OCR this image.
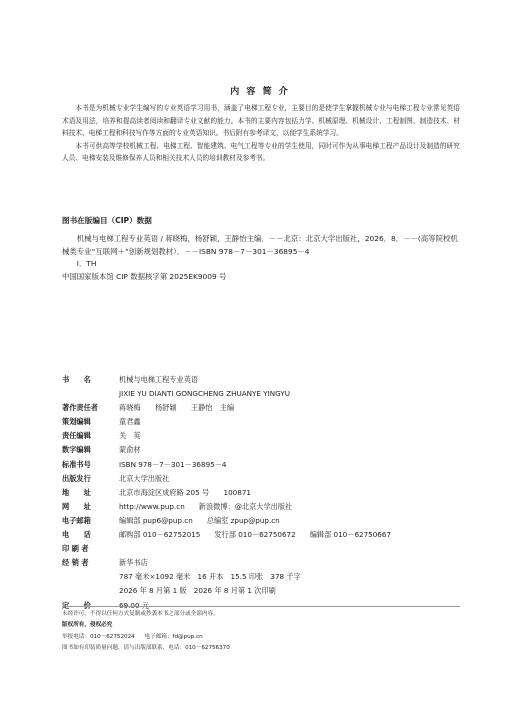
内 容 简 介

本书是为机械专业学生编写的专业英语学习用书，涵盖了电梯工程专业，主要目的是使学生掌握机械专业与电梯工程专业常见英语术语及用法，培养和提高读者阅读和翻译专业文献的能力。本书的主要内容包括力学、机械原理、机械设计、工程制图、制造技术、材料技术、电梯工程和科技写作等方面的专业英语知识。书后附有参考译文，以便学生系统学习。

本书可供高等学校机械工程、电梯工程、智能建筑、电气工程等专业的学生使用，同时可作为从事电梯工程产品设计及制造的研究人员、电梯安装及维修保养人员和相关技术人员的培训教材及参考书。

图书在版编目（CIP）数据

机械与电梯工程专业英语 / 蒋晓梅，杨舒颖，王静怡主编．－－北京：北京大学出版社，2026．8．－－(高等院校机械类专业“互联网＋”创新规划教材）．－－ISBN 978－7－301－36895－4

Ⅰ．TH

中国国家版本馆 CIP 数据核字第 2025EK9009 号

书　　名	机械与电梯工程专业英语
JIXIE YU DIANTI GONGCHENG ZHUANYE YINGYU
著作责任者	蒋晓梅　　杨舒颖　　王静怡　主编
策划编辑	童君鑫
责任编辑	关　英
数字编辑	蒙俞材
标准书号	ISBN 978－7－301－36895－4
出版发行	北京大学出版社
地　　址	北京市海淀区成府路 205 号　　100871
网　　址	http://www.pup.cn 新浪微博：@北京大学出版社
电子邮箱	编辑部 pup6@pup.cn 总编室 zpup@pup.cn
电　　话	邮购部 010－62752015 发行部 010－62750672 编辑部 010－62750667
印 刷 者
经 销 者	新华书店
787 毫米×1092 毫米　16 开本　15.5 印张　378 千字
2026 年 8 月第 1 版　2026 年 8 月第 1 次印刷
定　　价	69.00 元
未经许可，不得以任何方式复制或抄袭本书之部分或全部内容。
版权所有，侵权必究
举报电话：010－62752024 电子邮箱：fd@pup.cn
图书如有印装质量问题，请与出版部联系，电话：010－62756370
